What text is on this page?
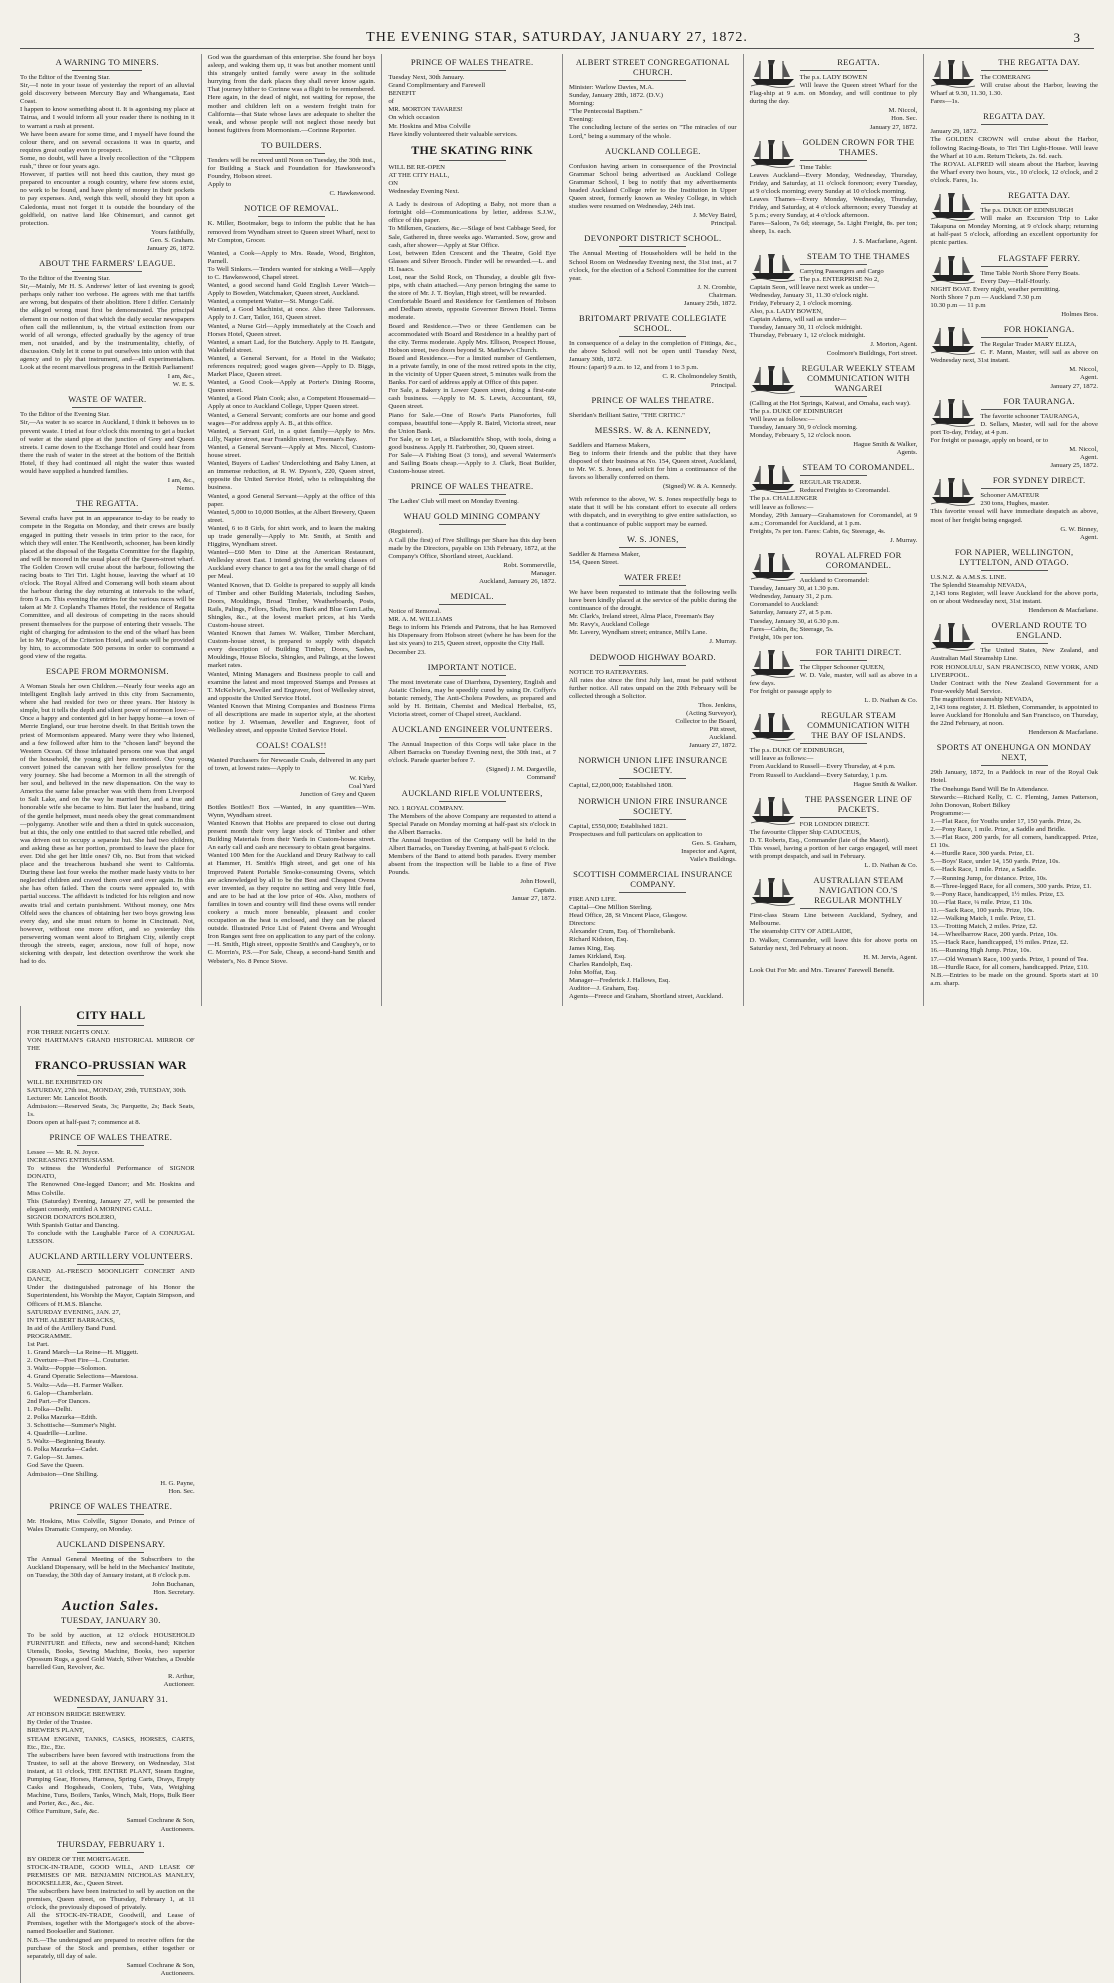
THE EVENING STAR, SATURDAY, JANUARY 27, 1872.	3
A WARNING TO MINERS.

To the Editor of the Evening Star.
Sir,—I note in your issue of yesterday the report of an alluvial gold discovery between Mercury Bay and Whangamata, East Coast.
I happen to know something about it. It is agonising my place at Tairua, and I would inform all your reader there is nothing in it to warrant a rush at present.
We have been aware for some time, and I myself have found the colour there, and on several occasions it was in quartz, and requires great outlay even to prospect.
Some, no doubt, will have a lively recollection of the "Clippem rush," three or four years ago.
However, if parties will not heed this caution, they must go prepared to encounter a rough country, where few stores exist, no work to be found, and have plenty of money in their pockets to pay expenses. And, weigh this well, should they hit upon a Caledonia, must not forget it is outside the boundary of the goldfield, on native land like Ohinemuri, and cannot get protection.

Yours faithfully,
Geo. S. Graham.
January 26, 1872.
ABOUT THE FARMERS' LEAGUE.

To the Editor of the Evening Star.
Sir,—Mainly, Mr H. S. Andrews' letter of last evening is good; perhaps only rather too verbose. He agrees with me that tariffs are wrong, but despairs of their abolition. Here I differ. Certainly the alleged wrong must first be demonstrated. The principal element in our notion of that which the daily secular newspapers often call the millennium, is, the virtual extinction from our world of all wrongs, effected gradually by the agency of true men, not unaided, and by the instrumentality, chiefly, of discussion. Only let it come to put ourselves into union with that agency and to ply that instrument, and—all experimentalism. Look at the recent marvellous progress in the British Parliament!

I am, &c.,
W. E. S.
WASTE OF WATER.

To the Editor of the Evening Star.
Sir,—As water is so scarce in Auckland, I think it behoves us to prevent waste. I tried at four o'clock this morning to get a bucket of water at the stand pipe at the junction of Grey and Queen streets. I came down to the Exchange Hotel and could hear from there the rush of water in the street at the bottom of the British Hotel, if they had continued all night the water thus wasted would have supplied a hundred families.

I am, &c.,
Nemo.
THE REGATTA.

Several crafts have put in an appearance to-day to be ready to compete in the Regatta on Monday, and their crews are busily engaged in putting their vessels in trim prior to the race, for which they will enter. The Kenilworth, schooner, has been kindly placed at the disposal of the Regatta Committee for the flagship, and will be moored in the usual place off the Queen-street wharf. The Golden Crown will cruise about the harbour, following the racing boats to Tiri Tiri. Light house, leaving the wharf at 10 o'clock. The Royal Alfred and Comerang will both steam about the harbour during the day returning at intervals to the wharf, from 9 a.m. This evening the entries for the various races will be taken at Mr J. Copland's Thames Hotel, the residence of Regatta Committee, and all desirous of competing in the races should present themselves for the purpose of entering their vessels. The right of charging for admission to the end of the wharf has been let to Mr Page, of the Criterion Hotel, and seats will be provided by him, to accommodate 500 persons in order to command a good view of the regatta.

ESCAPE FROM MORMONISM.

A Woman Steals her own Children.—Nearly four weeks ago an intelligent English lady arrived in this city from Sacramento, where she had resided for two or three years. Her history is simple, but it tells the depth and silent power of mormon love:—Once a happy and contented girl in her happy home—a town of Merrie England, our true heroine dwelt. In that British town the priest of Mormonism appeared. Many were they who listened, and a few followed after him to the "chosen land" beyond the Western Ocean. Of those infatuated persons one was that angel of the household, the young girl here mentioned. Our young convert joined the caravan with her fellow proselytes for the very journey. She had become a Mormon in all the strength of her soul, and believed in the new dispensation. On the way to America the same false preacher was with them from Liverpool to Salt Lake, and on the way he married her, and a true and honorable wife she became to him. But later the husband, tiring of the gentle helpmeet, must needs obey the great commandment—polygamy. Another wife and then a third in quick succession, but at this, the only one entitled to that sacred title rebelled, and was driven out to occupy a separate hut. She had two children, and asking these as her portion, promised to leave the place for ever. Did she get her little ones? Oh, no. But from that wicked place and the treacherous husband she went to California. During these last four weeks the mother made hasty visits to her neglected children and craved them over and over again. In this she has often failed. Then the courts were appealed to, with partial success. The affidavit is indicted for his religion and now awaits trial and certain punishment. Without money, one Mrs Olfeld sees the chances of obtaining her two boys growing less every day, and she must return to home in Cincinnati. Not, however, without one more effort, and so yesterday this persevering woman went aloof to Brigham City, silently crept through the streets, eager, anxious, now full of hope, now sickening with despair, lest detection overthrow the work she had to do.

God was the guardsman of this enterprise. She found her boys asleep, and waking them up, it was but another moment until this strangely united family were away in the solitude hurrying from the dark places they shall never know again. That journey hither to Corinne was a flight to be remembered. Here again, in the dead of night, not waiting for repose, the mother and children left on a western freight train for California—that State whose laws are adequate to shelter the weak, and whose people will not neglect those needy but honest fugitives from Mormonism.—Corinne Reporter.

TO BUILDERS.

Tenders will be received until Noon on Tuesday, the 30th inst., for Building a Stack and Foundation for Hawkeswood's Foundry, Hobson street.
Apply to

C. Hawkeswood.
NOTICE OF REMOVAL.

K. Miller, Bootmaker, begs to inform the public that he has removed from Wyndham street to Queen street Wharf, next to Mr Compton, Grocer.

Wanted, a Cook—Apply to Mrs. Reade, Wood, Brighton, Parnell.
To Well Sinkers.—Tenders wanted for sinking a Well—Apply to C. Hawkeswood, Chapel street.
Wanted, a good second hand Gold English Lever Watch—Apply to Bowden, Watchmaker, Queen street, Auckland.
Wanted, a competent Waiter—St. Mungo Café.
Wanted, a Good Machinist, at once. Also three Tailoresses. Apply to J. Carr, Tailor, 161, Queen street.
Wanted, a Nurse Girl—Apply immediately at the Coach and Horses Hotel, Queen street.
Wanted, a smart Lad, for the Butchery. Apply to H. Eastgate, Wakefield street.
Wanted, a General Servant, for a Hotel in the Waikato; references required; good wages given—Apply to D. Biggs, Market Place, Queen street.
Wanted, a Good Cook—Apply at Porter's Dining Rooms, Queen street.
Wanted, a Good Plain Cook; also, a Competent Housemaid—Apply at once to Auckland College, Upper Queen street.
Wanted, a General Servant; comforts are our home and good wages—For address apply A. B., at this office.
Wanted, a Servant Girl, in a quiet family—Apply to Mrs. Lilly, Napier street, near Franklin street, Freeman's Bay.
Wanted, a General Servant—Apply at Mrs. Niccol, Custom-house street.
Wanted, Buyers of Ladies' Underclothing and Baby Linen, at an immense reduction, at R. W. Dyson's, 220, Queen street, opposite the United Service Hotel, who is relinquishing the business.
Wanted, a good General Servant—Apply at the office of this paper.
Wanted, 5,000 to 10,000 Bottles, at the Albert Brewery, Queen street.
Wanted, 6 to 8 Girls, for shirt work, and to learn the making up trade generally—Apply to Mr. Smith, at Smith and Higgins, Wyndham street.
Wanted—£60 Men to Dine at the American Restaurant, Wellesley street East. I intend giving the working classes of Auckland every chance to get a tea for the small charge of 6d per Meal.
Wanted Known, that D. Goldie is prepared to supply all kinds of Timber and other Building Materials, including Sashes, Doors, Mouldings, Broad Timber, Weatherboards, Posts, Rails, Palings, Fellors, Shafts, Iron Bark and Blue Gum Laths, Shingles, &c., at the lowest market prices, at his Yards Custom-house street.
Wanted Known that James W. Walker, Timber Merchant, Custom-house street, is prepared to supply with dispatch every description of Building Timber, Doors, Sashes, Mouldings, House Blocks, Shingles, and Palings, at the lowest market rates.
Wanted, Mining Managers and Business people to call and examine the latest and most improved Stamps and Presses at T. McKelvie's, Jeweller and Engraver, foot of Wellesley street, and opposite the United Service Hotel.
Wanted Known that Mining Companies and Business Firms of all descriptions are made in superior style, at the shortest notice by J. Wiseman, Jeweller and Engraver, foot of Wellesley street, and opposite United Service Hotel.

COALS! COALS!!

Wanted Purchasers for Newcastle Coals, delivered in any part of town, at lowest rates—Apply to

W. Kirby,
Coal Yard
Junction of Grey and Queen

Bottles Bottles!! Box —Wanted, in any quantities—Wm. Wynn, Wyndham street.
Wanted Known that Hobbs are prepared to close out during present month their very large stock of Timber and other Building Materials from their Yards in Custom-house street. An early call and cash are necessary to obtain great bargains.
Wanted 100 Men for the Auckland and Drury Railway to call at Hammer, H. Smith's High street, and get one of his Improved Patent Portable Smoke-consuming Ovens, which are acknowledged by all to be the Best and Cheapest Ovens ever invented, as they require no setting and very little fuel, and are to be had at the low price of 40s. Also, mothers of families in town and country will find these ovens will render cookery a much more beneable, pleasant and cooler occupation as the heat is enclosed, and they can be placed outside. Illustrated Price List of Patent Ovens and Wrought Iron Ranges sent free on application to any part of the colony.—H. Smith, High street, opposite Smith's and Caughey's, or to C. Morrin's, P.S.—For Sale, Cheap, a second-hand Smith and Webster's, No. 8 Pence Stove.

PRINCE OF WALES THEATRE.

Tuesday Next, 30th January.
Grand Complimentary and Farewell
BENEFIT
of
MR. MORTON TAVARES!
On which occasion
Mr. Hoskins and Miss Colville
Have kindly volunteered their valuable services.

THE SKATING RINK

WILL BE RE-OPEN
AT THE CITY HALL,
ON
Wednesday Evening Next.

A Lady is desirous of Adopting a Baby, not more than a fortnight old—Communications by letter, address S.J.W., office of this paper.
To Milkmen, Graziers, &c.—Silage of best Cabbage Seed, for Sale, Gathered in, three weeks ago. Warranted. Sow, grow and cash, after shower—Apply at Star Office.
Lost, between Eden Crescent and the Theatre, Gold Eye Glasses and Silver Brooch. Finder will be rewarded.—L. and H. Isaacs.
Lost, near the Solid Rock, on Thursday, a double gilt five-pips, with chain attached.—Any person bringing the same to the store of Mr. J. T. Boylan, High street, will be rewarded.
Comfortable Board and Residence for Gentlemen of Hobson and Dedham streets, opposite Governor Brown Hotel. Terms moderate.
Board and Residence.—Two or three Gentlemen can be accommodated with Board and Residence in a healthy part of the city. Terms moderate. Apply Mrs. Ellison, Prospect House, Hobson street, two doors beyond St. Matthew's Church.
Board and Residence.—For a limited number of Gentlemen, in a private family, in one of the most retired spots in the city, in the vicinity of Upper Queen street, 5 minutes walk from the Banks. For card of address apply at Office of this paper.
For Sale, a Bakery in Lower Queen street, doing a first-rate cash business. —Apply to M. S. Lewis, Accountant, 69, Queen street.
Piano for Sale.—One of Rose's Paris Pianofortes, full compass, beautiful tone—Apply R. Baird, Victoria street, near the Union Bank.
For Sale, or to Let, a Blacksmith's Shop, with tools, doing a good business. Apply H. Fairbrother, 30, Queen street.
For Sale—A Fishing Boat (3 tons), and several Watermen's and Sailing Boats cheap.—Apply to J. Clark, Boat Builder, Custom-house street.

PRINCE OF WALES THEATRE.

The Ladies' Club will meet on Monday Evening.

WHAU GOLD MINING COMPANY

(Registered).
A Call (the first) of Five Shillings per Share has this day been made by the Directors, payable on 13th February, 1872, at the Company's Office, Shortland street, Auckland.

Robt. Sommerville,
Manager.
Auckland, January 26, 1872.
MEDICAL.

Notice of Removal.
MR. A. M. WILLIAMS
Begs to inform his Friends and Patrons, that he has Removed his Dispensary from Hobson street (where he has been for the last six years) to 215, Queen street, opposite the City Hall.
December 23.

IMPORTANT NOTICE.

The most inveterate case of Diarrhœa, Dysentery, English and Asiatic Cholera, may be speedily cured by using Dr. Coffyn's botanic remedy, The Anti-Cholera Powders, as prepared and sold by H. Brittain, Chemist and Medical Herbalist, 65, Victoria street, corner of Chapel street, Auckland.

AUCKLAND ENGINEER VOLUNTEERS.

The Annual Inspection of this Corps will take place in the Albert Barracks on Tuesday Evening next, the 30th inst., at 7 o'clock. Parade quarter before 7.

(Signed) J. M. Dargaville,
Command'
AUCKLAND RIFLE VOLUNTEERS,

NO. 1 ROYAL COMPANY.
The Members of the above Company are requested to attend a Special Parade on Monday morning at half-past six o'clock in the Albert Barracks.
The Annual Inspection of the Company will be held in the Albert Barracks, on Tuesday Evening, at half-past 6 o'clock.
Members of the Band to attend both parades. Every member absent from the inspection will be liable to a fine of Five Pounds.

John Howell,
Captain.
Januar 27, 1872.
ALBERT STREET CONGREGATIONAL CHURCH.

Minister: Warlow Davies, M.A.
Sunday, January 28th, 1872. (D.V.)
Morning:
"The Pentecostal Baptism."
Evening:
The concluding lecture of the series on "The miracles of our Lord," being a summary of the whole.

AUCKLAND COLLEGE.

Confusion having arisen in consequence of the Provincial Grammar School being advertised as Auckland College Grammar School, I beg to notify that my advertisements headed Auckland College refer to the Institution in Upper Queen street, formerly known as Wesley College, in which studies were resumed on Wednesday, 24th inst.

J. McVey Baird,
Principal.
DEVONPORT DISTRICT SCHOOL.

The Annual Meeting of Householders will be held in the School Room on Wednesday Evening next, the 31st inst., at 7 o'clock, for the election of a School Committee for the current year.

J. N. Crombie,
Chairman.
January 25th, 1872.
BRITOMART PRIVATE COLLEGIATE SCHOOL.

In consequence of a delay in the completion of Fittings, &c., the above School will not be open until Tuesday Next, January 30th, 1872.
Hours: (apart) 9 a.m. to 12, and from 1 to 3 p.m.

C. R. Cholmondeley Smith,
Principal.
PRINCE OF WALES THEATRE.

Sheridan's Brilliant Satire, "THE CRITIC."

MESSRS. W. & A. KENNEDY,

Saddlers and Harness Makers,
Beg to inform their friends and the public that they have disposed of their business at No. 154, Queen street, Auckland, to Mr. W. S. Jones, and solicit for him a continuance of the favors so liberally conferred on them.

(Signed) W. & A. Kennedy.

With reference to the above, W. S. Jones respectfully begs to state that it will be his constant effort to execute all orders with dispatch, and in everything to give entire satisfaction, so that a continuance of public support may be earned.

W. S. JONES,

Saddler & Harness Maker,
154, Queen Street.

WATER FREE!

We have been requested to intimate that the following wells have been kindly placed at the service of the public during the continuance of the drought.
Mr. Clark's, Ireland street, Alma Place, Freeman's Bay
Mr. Ravy's, Auckland College
Mr. Lavery, Wyndham street; entrance, Mill's Lane.

J. Murray.
DEDWOOD HIGHWAY BOARD.

NOTICE TO RATEPAYERS.
All rates due since the first July last, must be paid without further notice. All rates unpaid on the 20th February will be collected through a Solicitor.

Thos. Jenkins,
(Acting Surveyor),
Collector to the Board,
Pitt street,
Auckland.
January 27, 1872.
NORWICH UNION LIFE INSURANCE SOCIETY.

Capital, £2,000,000; Established 1808.

NORWICH UNION FIRE INSURANCE SOCIETY.

Capital, £550,000; Established 1821.
Prospectuses and full particulars on application to

Geo. S. Graham,
Inspector and Agent,
Vaile's Buildings.
SCOTTISH COMMERCIAL INSURANCE COMPANY.

FIRE AND LIFE.
Capital—One Million Sterling.
Head Office, 28, St Vincent Place, Glasgow.
Directors:
Alexander Crum, Esq. of Thornliebank.
Richard Kidston, Esq.
James King, Esq.
James Kirkland, Esq.
Charles Randolph, Esq.
John Moffat, Esq.
Manager—Frederick J. Hallows, Esq.
Auditor—J. Graham, Esq.
Agents—Freece and Graham, Shortland street, Auckland.

REGATTA.

The p.s. LADY BOWEN
Will leave the Queen street Wharf for the Flag-ship at 9 a.m. on Monday, and will continue to ply during the day.

M. Niccol,
Hon. Sec.
January 27, 1872.
GOLDEN CROWN FOR THE THAMES.

Time Table:
Leaves Auckland—Every Monday, Wednesday, Thursday, Friday, and Saturday, at 11 o'clock forenoon; every Tuesday, at 9 o'clock morning; every Sunday at 10 o'clock morning.
Leaves Thames—Every Monday, Wednesday, Thursday, Friday, and Saturday, at 4 o'clock afternoon; every Tuesday at 5 p.m.; every Sunday, at 4 o'clock afternoon.
Fares—Saloon, 7s 6d; steerage, 5s. Light Freight, 8s. per ton; sheep, 1s. each.

J. S. Macfarlane, Agent.
STEAM TO THE THAMES

Carrying Passengers and Cargo
The p.s. ENTERPRISE No 2,
Captain Seon, will leave next week as under—
Wednesday, January 31, 11.30 o'clock night.
Friday, February 2, 1 o'clock morning.
Also, p.s. LADY BOWEN,
Captain Adams, will sail as under—
Tuesday, January 30, 11 o'clock midnight.
Thursday, February 1, 12 o'clock midnight.

J. Morton, Agent.
Coolmore's Buildings, Fort street.
REGULAR WEEKLY STEAM COMMUNICATION WITH WANGAREI

(Calling at the Hot Springs, Kaiwai, and Omaha, each way).
The p.s. DUKE OF EDINBURGH
Will leave as follows:—
Tuesday, January 30, 9 o'clock morning.
Monday, February 5, 12 o'clock noon.

Hague Smith & Walker,
Agents.
STEAM TO COROMANDEL.

REGULAR TRADER.
Reduced Freights to Coromandel.
The p.s. CHALLENGER
will leave as follows:—
Monday, 29th January—Grahamstown for Coromandel, at 9 a.m.; Coromandel for Auckland, at 1 p.m.
Freights, 7s per ton. Fares: Cabin, 6s; Steerage, 4s.

J. Murray.
ROYAL ALFRED FOR COROMANDEL.

Auckland to Coromandel:
Tuesday, January 30, at 1.30 p.m.
Wednesday, January 31, 2 p.m.
Coromandel to Auckland:
Saturday, January 27, at 5 p.m.
Tuesday, January 30, at 6.30 p.m.
Fares—Cabin, 8s; Steerage, 5s.
Freight, 10s per ton.

FOR TAHITI DIRECT.

The Clipper Schooner QUEEN,
W. D. Vale, master, will sail as above in a few days.
For freight or passage apply to

L. D. Nathan & Co.
REGULAR STEAM COMMUNICATION WITH THE BAY OF ISLANDS.

The p.s. DUKE OF EDINBURGH,
will leave as follows:—
From Auckland to Russell—Every Thursday, at 4 p.m.
From Russell to Auckland—Every Saturday, 1 p.m.

Hague Smith & Walker.
THE PASSENGER LINE OF PACKETS.

FOR LONDON DIRECT.
The favourite Clipper Ship CADUCEUS,
D. T. Roberts, Esq., Commander (late of the Maori).
This vessel, having a portion of her cargo engaged, will meet with prompt despatch, and sail in February.

L. D. Nathan & Co.
AUSTRALIAN STEAM NAVIGATION CO.'S REGULAR MONTHLY

First-class Steam Line between Auckland, Sydney, and Melbourne.
The steamship CITY OF ADELAIDE,
D. Walker, Commander, will leave this for above ports on Saturday next, 3rd February at noon.

H. M. Jervis, Agent.

Look Out For Mr. and Mrs. Tavares' Farewell Benefit.

THE REGATTA DAY.

The COMERANG
Will cruise about the Harbor, leaving the Wharf at 9.30, 11.30, 1.30.
Fares—1s.

REGATTA DAY.

January 29, 1872.
The GOLDEN CROWN will cruise about the Harbor, following Racing-Boats, to Tiri Tiri Light-House. Will leave the Wharf at 10 a.m. Return Tickets, 2s. 6d. each.
The ROYAL ALFRED will steam about the Harbor, leaving the Wharf every two hours, viz., 10 o'clock, 12 o'clock, and 2 o'clock. Fares, 1s.

REGATTA DAY.

The p.s. DUKE OF EDINBURGH
Will make an Excursion Trip to Lake Takapuna on Monday Morning, at 9 o'clock sharp; returning at half-past 5 o'clock, affording an excellent opportunity for picnic parties.

FLAGSTAFF FERRY.

Time Table North Shore Ferry Boats.
Every Day—Half-Hourly.
NIGHT BOAT. Every night, weather permitting.
North Shore 7 p.m — Auckland 7.30 p.m
10.30 p.m — 11 p.m

Holmes Bros.
FOR HOKIANGA.

The Regular Trader MARY ELIZA,
C. F. Mann, Master, will sail as above on Wednesday next, 31st instant.

M. Niccol,
Agent.
January 27, 1872.
FOR TAURANGA.

The favorite schooner TAURANGA,
D. Sellars, Master, will sail for the above port To-day, Friday, at 4 p.m.
For freight or passage, apply on board, or to

M. Niccol,
Agent.
January 25, 1872.
FOR SYDNEY DIRECT.

Schooner AMATEUR
230 tons, Hughes, master.
This favorite vessel will have immediate despatch as above, most of her freight being engaged.

G. W. Binney,
Agent.
FOR NAPIER, WELLINGTON, LYTTELTON, AND OTAGO.

U.S.N.Z. & A.M.S.S. LINE.
The Splendid Steamship NEVADA,
2,143 tons Register, will leave Auckland for the above ports, on or about Wednesday next, 31st instant.

Henderson & Macfarlane.
OVERLAND ROUTE TO ENGLAND.

The United States, New Zealand, and Australian Mail Steamship Line.
FOR HONOLULU, SAN FRANCISCO, NEW YORK, AND LIVERPOOL.
Under Contract with the New Zealand Government for a Four-weekly Mail Service.
The magnificent steamship NEVADA,
2,143 tons register, J. H. Blethen, Commander, is appointed to leave Auckland for Honolulu and San Francisco, on Thursday, the 22nd February, at noon.

Henderson & Macfarlane.
SPORTS AT ONEHUNGA ON MONDAY NEXT,

29th January, 1872, In a Paddock in rear of the Royal Oak Hotel.
The Onehunga Band Will Be In Attendance.
Stewards:—Richard Kelly, C. C. Fleming, James Patterson, John Donovan, Robert Bilkey
Programme:—
1.—Flat Race, for Youths under 17, 150 yards. Prize, 2s.
2.—Pony Race, 1 mile. Prize, a Saddle and Bridle.
3.—Flat Race, 200 yards, for all comers, handicapped. Prize, £1 10s.
4.—Hurdle Race, 300 yards. Prize, £1.
5.—Boys' Race, under 14, 150 yards. Prize, 10s.
6.—Hack Race, 1 mile. Prize, a Saddle.
7.—Running Jump, for distance. Prize, 10s.
8.—Three-legged Race, for all comers, 300 yards. Prize, £1.
9.—Pony Race, handicapped, 1½ miles. Prize, £3.
10.—Flat Race, ¼ mile. Prize, £1 10s.
11.—Sack Race, 100 yards. Prize, 10s.
12.—Walking Match, 1 mile. Prize, £1.
13.—Trotting Match, 2 miles. Prize, £2.
14.—Wheelbarrow Race, 200 yards. Prize, 10s.
15.—Hack Race, handicapped, 1½ miles. Prize, £2.
16.—Running High Jump. Prize, 10s.
17.—Old Woman's Race, 100 yards. Prize, 1 pound of Tea.
18.—Hurdle Race, for all comers, handicapped. Prize, £10.
N.B.—Entries to be made on the ground. Sports start at 10 a.m. sharp.

CITY HALL

FOR THREE NIGHTS ONLY.
VON HARTMAN'S GRAND HISTORICAL MIRROR OF THE

FRANCO-PRUSSIAN WAR

WILL BE EXHIBITED ON
SATURDAY, 27th inst., MONDAY, 29th, TUESDAY, 30th.
Lecturer: Mr. Lancelot Booth.
Admission:—Reserved Seats, 3s; Parquette, 2s; Back Seats, 1s.
Doors open at half-past 7; commence at 8.

PRINCE OF WALES THEATRE.

Lessee — Mr. R. N. Joyce.
INCREASING ENTHUSIASM.
To witness the Wonderful Performance of SIGNOR DONATO,
The Renowned One-legged Dancer; and Mr. Hoskins and Miss Colville.
This (Saturday) Evening, January 27, will be presented the elegant comedy, entitled A MORNING CALL.
SIGNOR DONATO'S BOLERO,
With Spanish Guitar and Dancing.
To conclude with the Laughable Farce of A CONJUGAL LESSON.

AUCKLAND ARTILLERY VOLUNTEERS.

GRAND AL-FRESCO MOONLIGHT CONCERT AND DANCE,
Under the distinguished patronage of his Honor the Superintendent, his Worship the Mayor, Captain Simpson, and Officers of H.M.S. Blanche.
SATURDAY EVENING, JAN. 27,
IN THE ALBERT BARRACKS,
In aid of the Artillery Band Fund.
PROGRAMME.
1st Part.
1. Grand March—La Reine—H. Miggett.
2. Overture—Poet Fire—L. Couturier.
3. Waltz—Poppie—Solomon.
4. Grand Operatic Selections—Maestosa.
5. Waltz—Ada—H. Farmer Walker.
6. Galop—Chamberlain.
2nd Part.—For Dances.
1. Polka—Delhi.
2. Polka Mazurka—Edith.
3. Schottische—Summer's Night.
4. Quadrille—Lurline.
5. Waltz—Beginning Beauty.
6. Polka Mazurka—Cadet.
7. Galop—St. James.
God Save the Queen.
Admission—One Shilling.

H. G. Payne,
Hon. Sec.
PRINCE OF WALES THEATRE.

Mr. Hoskins, Miss Colville, Signor Donato, and Prince of Wales Dramatic Company, on Monday.

AUCKLAND DISPENSARY.

The Annual General Meeting of the Subscribers to the Auckland Dispensary, will be held in the Mechanics' Institute, on Tuesday, the 30th day of January instant, at 8 o'clock p.m.

John Buchanan,
Hon. Secretary.
Auction Sales.
TUESDAY, JANUARY 30.

To be sold by auction, at 12 o'clock HOUSEHOLD FURNITURE and Effects, new and second-hand; Kitchen Utensils, Books, Sewing Machine, Books, two superior Opossum Rugs, a good Gold Watch, Silver Watches, a Double barrelled Gun, Revolver, &c.

R. Arthur,
Auctioneer.
WEDNESDAY, JANUARY 31.

AT HOBSON BRIDGE BREWERY.
By Order of the Trustee.
BREWER'S PLANT,
STEAM ENGINE, TANKS, CASKS, HORSES, CARTS, Etc., Etc., Etc.
The subscribers have been favored with instructions from the Trustee, to sell at the above Brewery, on Wednesday, 31st instant, at 11 o'clock, THE ENTIRE PLANT, Steam Engine, Pumping Gear, Horses, Harness, Spring Carts, Drays, Empty Casks and Hogsheads, Coolers, Tubs, Vats, Weighing Machine, Tuns, Boilers, Tanks, Winch, Malt, Hops, Bulk Beer and Porter, &c., &c., &c.
Office Furniture, Safe, &c.

Samuel Cochrane & Son,
Auctioneers.
THURSDAY, FEBRUARY 1.

BY ORDER OF THE MORTGAGEE.
STOCK-IN-TRADE, GOOD WILL, AND LEASE OF PREMISES OF MR. BENJAMIN NICHOLAS MANLEY, BOOKSELLER, &c., Queen Street.
The subscribers have been instructed to sell by auction on the premises, Queen street, on Thursday, February 1, at 11 o'clock, the previously disposed of privately.
All the STOCK-IN-TRADE, Goodwill, and Lease of Premises, together with the Mortgagee's stock of the above-named Bookseller and Stationer.
N.B.—The undersigned are prepared to receive offers for the purchase of the Stock and premises, either together or separately, till day of sale.

Samuel Cochrane & Son,
Auctioneers.
